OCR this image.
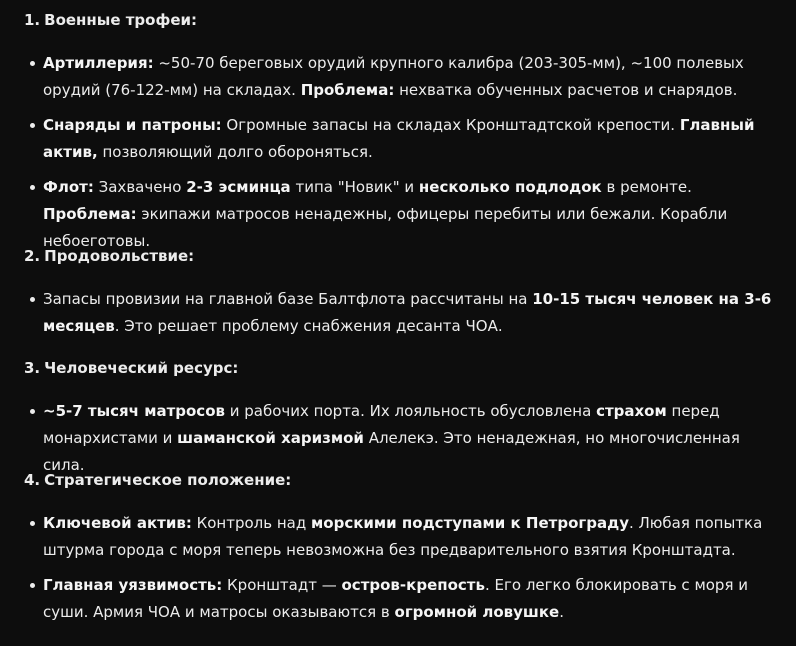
1. Военные трофеи:

Артиллерия: ~50-70 береговых орудий крупного калибра (203-305-мм), ~100 полевых орудий (76-122-мм) на складах. Проблема: нехватка обученных расчетов и снарядов.
Снаряды и патроны: Огромные запасы на складах Кронштадтской крепости. Главный актив, позволяющий долго обороняться.
Флот: Захвачено 2-3 эсминца типа "Новик" и несколько подлодок в ремонте. Проблема: экипажи матросов ненадежны, офицеры перебиты или бежали. Корабли небоеготовы.

2. Продовольствие:

Запасы провизии на главной базе Балтфлота рассчитаны на 10-15 тысяч человек на 3-6 месяцев. Это решает проблему снабжения десанта ЧОА.

3. Человеческий ресурс:

~5-7 тысяч матросов и рабочих порта. Их лояльность обусловлена страхом перед монархистами и шаманской харизмой Алелекэ. Это ненадежная, но многочисленная сила.

4. Стратегическое положение:

Ключевой актив: Контроль над морскими подступами к Петрограду. Любая попытка штурма города с моря теперь невозможна без предварительного взятия Кронштадта.
Главная уязвимость: Кронштадт — остров-крепость. Его легко блокировать с моря и суши. Армия ЧОА и матросы оказываются в огромной ловушке.
